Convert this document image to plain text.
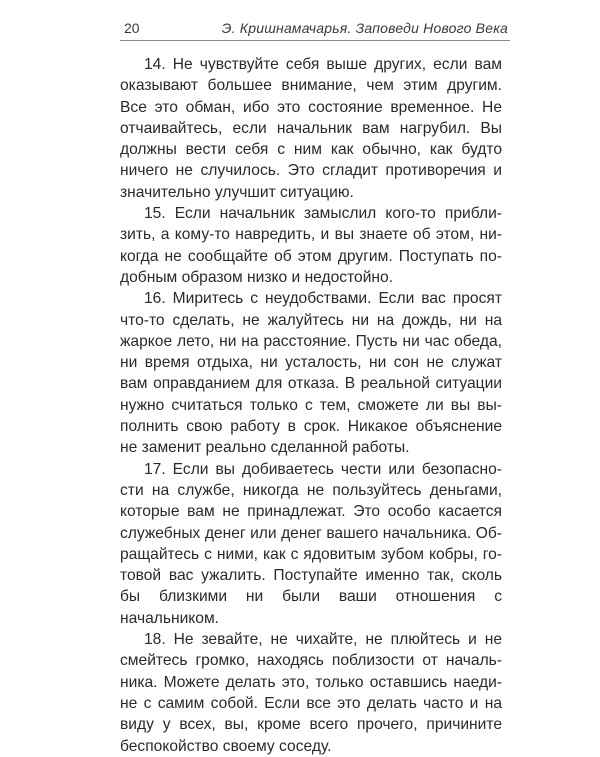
20	Э. Кришнамачарья. Заповеди Нового Века

14. Не чувствуйте себя выше других, если вам оказывают большее внимание, чем этим другим. Все это обман, ибо это состояние временное. Не отчаивайтесь, если начальник вам нагрубил. Вы должны вести себя с ним как обычно, как будто ничего не случилось. Это сгладит противоречия и значительно улучшит ситуацию.

15. Если начальник замыслил кого-то приблизить, а кому-то навредить, и вы знаете об этом, никогда не сообщайте об этом другим. Поступать подобным образом низко и недостойно.

16. Миритесь с неудобствами. Если вас просят что-то сделать, не жалуйтесь ни на дождь, ни на жаркое лето, ни на расстояние. Пусть ни час обеда, ни время отдыха, ни усталость, ни сон не служат вам оправданием для отказа. В реальной ситуации нужно считаться только с тем, сможете ли вы выполнить свою работу в срок. Никакое объяснение не заменит реально сделанной работы.

17. Если вы добиваетесь чести или безопасности на службе, никогда не пользуйтесь деньгами, которые вам не принадлежат. Это особо касается служебных денег или денег вашего начальника. Обращайтесь с ними, как с ядовитым зубом кобры, готовой вас ужалить. Поступайте именно так, сколь бы близкими ни были ваши отношения с начальником.

18. Не зевайте, не чихайте, не плюйтесь и не смейтесь громко, находясь поблизости от начальника. Можете делать это, только оставшись наедине с самим собой. Если все это делать часто и на виду у всех, вы, кроме всего прочего, причините беспокойство своему соседу.
